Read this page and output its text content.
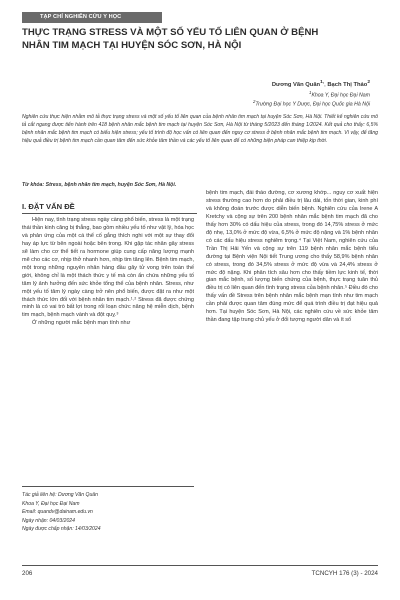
TẠP CHÍ NGHIÊN CỨU Y HỌC
THỰC TRẠNG STRESS VÀ MỘT SỐ YẾU TỐ LIÊN QUAN Ở BỆNH NHÂN TIM MẠCH TẠI HUYỆN SÓC SƠN, HÀ NỘI
Dương Văn Quân$^{1,}$, Bạch Thị Thảo$^2$
$^1$Khoa Y, Đại học Đại Nam
$^2$Trường Đại học Y Dược, Đại học Quốc gia Hà Nội
Nghiên cứu thực hiện nhằm mô tả thực trạng stress và một số yếu tố liên quan của bệnh nhân tim mạch tại huyện Sóc Sơn, Hà Nội. Thiết kế nghiên cứu mô tả cắt ngang được tiến hành trên 418 bệnh nhân mắc bệnh tim mạch tại huyện Sóc Sơn, Hà Nội từ tháng 5/2023 đến tháng 1/2024. Kết quả cho thấy: 6,5% bệnh nhân mắc bệnh tim mạch có biểu hiện stress; yếu tố trình độ học vấn có liên quan đến nguy cơ stress ở bệnh nhân mắc bệnh tim mạch. Vì vậy, để tăng hiệu quả điều trị bệnh tim mạch cần quan tâm đến sức khỏe tâm thần và các yếu tố liên quan để có những biện pháp can thiệp kịp thời.
Từ khóa: Stress, bệnh nhân tim mạch, huyện Sóc Sơn, Hà Nội.
I. ĐẶT VẤN ĐỀ

Hiện nay, tình trạng stress ngày càng phổ biến, stress là một trạng thái thần kinh căng bị thẳng, bao gồm nhiều yếu tố như vật lý, hóa học và phản ứng của một cá thể cố gắng thích nghi với một sự thay đổi hay áp lực từ bên ngoài hoặc bên trong. Khi gặp tác nhân gây stress sẽ làm cho cơ thể tiết ra hormone giúp cung cấp năng lượng mạnh mẽ cho các cơ, nhịp thở nhanh hơn, nhịp tim tăng lên. Bệnh tim mạch, một trong những nguyên nhân hàng đầu gây tử vong trên toàn thế giới, không chỉ là một thách thức y tế mà còn ẩn chứa những yếu tố tâm lý ảnh hưởng đến sức khỏe tổng thể của bệnh nhân. Stress, như một yếu tố tâm lý ngày càng trở nên phổ biến, được đặt ra như một thách thức lớn đối với bệnh nhân tim mạch.¹˒² Stress đã được chứng minh là có vai trò bất lợi trong rối loạn chức năng hệ miễn dịch, bệnh tim mạch, bệnh mạch vành và đột quỵ.³

Ở những người mắc bệnh mạn tính như

bệnh tim mạch, đái tháo đường, cơ xương khớp... nguy cơ xuất hiện stress thường cao hơn do phải điều trị lâu dài, tốn thời gian, kinh phí và không đoán trước được diễn biến bệnh. Nghiên cứu của Irene A Kretchy và cộng sự trên 200 bệnh nhân mắc bệnh tim mạch đã cho thấy hơn 30% có dấu hiệu của stress, trong đó 14,75% stress ở mức độ nhẹ, 13,0% ở mức độ vừa, 6,5% ở mức độ nặng và 1% bệnh nhân có các dấu hiệu stress nghiêm trọng.⁴ Tại Việt Nam, nghiên cứu của Trần Thị Hải Yến và cộng sự trên 119 bệnh nhân mắc bệnh tiểu đường tại Bệnh viện Nội tiết Trung ương cho thấy 58,9% bệnh nhân có stress, trong đó 34,5% stress ở mức độ vừa và 24,4% stress ở mức độ nặng. Khi phân tích sâu hơn cho thấy tiềm lực kinh tế, thời gian mắc bệnh, số lượng biến chứng của bệnh, thực trạng tuân thủ điều trị có liên quan đến tình trạng stress của bệnh nhân.⁵ Điều đó cho thấy vấn đề Stress trên bệnh nhân mắc bệnh mạn tính như tim mạch cần phải được quan tâm đúng mức để quá trình điều trị đạt hiệu quả hơn. Tại huyện Sóc Sơn, Hà Nội, các nghiên cứu về sức khỏe tâm thần đang tập trung chủ yếu ở đối tượng người dân và ít số

Tác giả liên hệ: Dương Văn Quân
Khoa Y, Đại học Đại Nam
Email: quandv@dainam.edu.vn
Ngày nhận: 04/03/2024
Ngày được chấp nhận: 14/03/2024
206	TCNCYH 176 (3) - 2024
